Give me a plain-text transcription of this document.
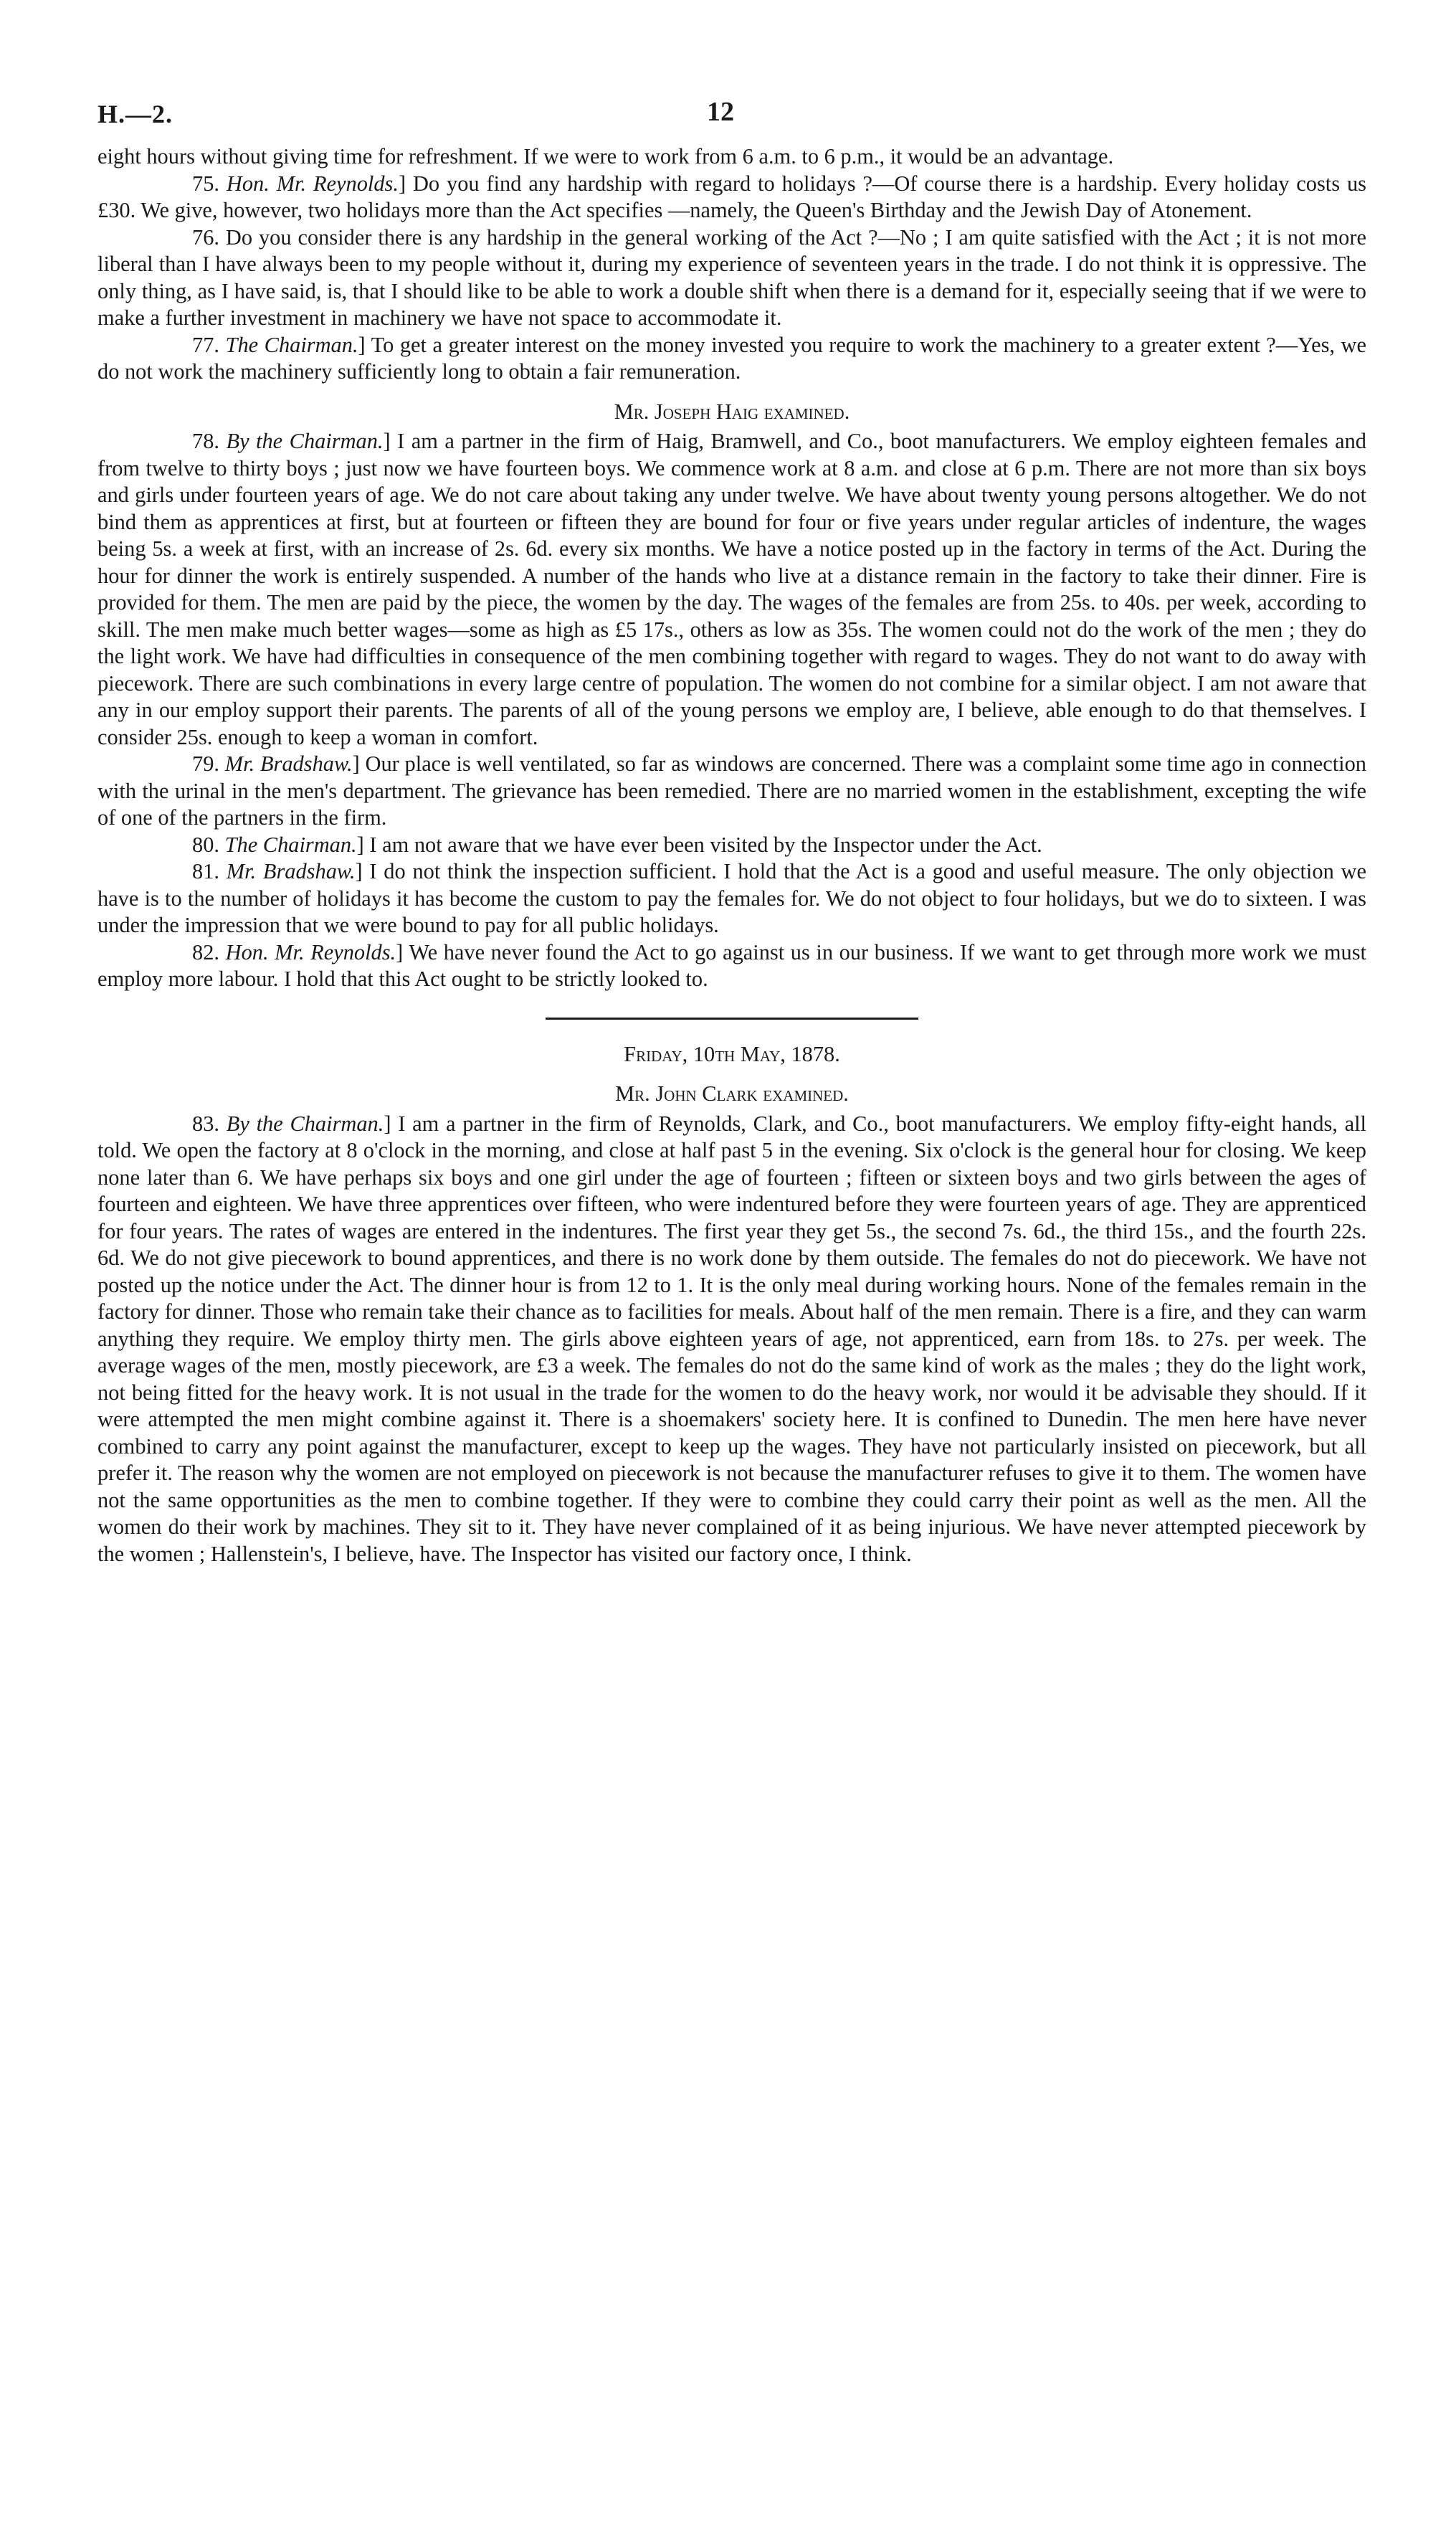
H.—2.	12

eight hours without giving time for refreshment. If we were to work from 6 a.m. to 6 p.m., it would be an advantage.

75. Hon. Mr. Reynolds.] Do you find any hardship with regard to holidays ?—Of course there is a hardship. Every holiday costs us £30. We give, however, two holidays more than the Act specifies —namely, the Queen's Birthday and the Jewish Day of Atonement.

76. Do you consider there is any hardship in the general working of the Act ?—No ; I am quite satisfied with the Act ; it is not more liberal than I have always been to my people without it, during my experience of seventeen years in the trade. I do not think it is oppressive. The only thing, as I have said, is, that I should like to be able to work a double shift when there is a demand for it, especially seeing that if we were to make a further investment in machinery we have not space to accommodate it.

77. The Chairman.] To get a greater interest on the money invested you require to work the machinery to a greater extent ?—Yes, we do not work the machinery sufficiently long to obtain a fair remuneration.

Mr. Joseph Haig examined.

78. By the Chairman.] I am a partner in the firm of Haig, Bramwell, and Co., boot manufacturers. We employ eighteen females and from twelve to thirty boys ; just now we have fourteen boys. We commence work at 8 a.m. and close at 6 p.m. There are not more than six boys and girls under fourteen years of age. We do not care about taking any under twelve. We have about twenty young persons altogether. We do not bind them as apprentices at first, but at fourteen or fifteen they are bound for four or five years under regular articles of indenture, the wages being 5s. a week at first, with an increase of 2s. 6d. every six months. We have a notice posted up in the factory in terms of the Act. During the hour for dinner the work is entirely suspended. A number of the hands who live at a distance remain in the factory to take their dinner. Fire is provided for them. The men are paid by the piece, the women by the day. The wages of the females are from 25s. to 40s. per week, according to skill. The men make much better wages—some as high as £5 17s., others as low as 35s. The women could not do the work of the men ; they do the light work. We have had difficulties in consequence of the men combining together with regard to wages. They do not want to do away with piecework. There are such combinations in every large centre of population. The women do not combine for a similar object. I am not aware that any in our employ support their parents. The parents of all of the young persons we employ are, I believe, able enough to do that themselves. I consider 25s. enough to keep a woman in comfort.

79. Mr. Bradshaw.] Our place is well ventilated, so far as windows are concerned. There was a complaint some time ago in connection with the urinal in the men's department. The grievance has been remedied. There are no married women in the establishment, excepting the wife of one of the partners in the firm.

80. The Chairman.] I am not aware that we have ever been visited by the Inspector under the Act.

81. Mr. Bradshaw.] I do not think the inspection sufficient. I hold that the Act is a good and useful measure. The only objection we have is to the number of holidays it has become the custom to pay the females for. We do not object to four holidays, but we do to sixteen. I was under the impression that we were bound to pay for all public holidays.

82. Hon. Mr. Reynolds.] We have never found the Act to go against us in our business. If we want to get through more work we must employ more labour. I hold that this Act ought to be strictly looked to.

Friday, 10th May, 1878.
Mr. John Clark examined.

83. By the Chairman.] I am a partner in the firm of Reynolds, Clark, and Co., boot manufacturers. We employ fifty-eight hands, all told. We open the factory at 8 o'clock in the morning, and close at half past 5 in the evening. Six o'clock is the general hour for closing. We keep none later than 6. We have perhaps six boys and one girl under the age of fourteen ; fifteen or sixteen boys and two girls between the ages of fourteen and eighteen. We have three apprentices over fifteen, who were indentured before they were fourteen years of age. They are apprenticed for four years. The rates of wages are entered in the indentures. The first year they get 5s., the second 7s. 6d., the third 15s., and the fourth 22s. 6d. We do not give piecework to bound apprentices, and there is no work done by them outside. The females do not do piecework. We have not posted up the notice under the Act. The dinner hour is from 12 to 1. It is the only meal during working hours. None of the females remain in the factory for dinner. Those who remain take their chance as to facilities for meals. About half of the men remain. There is a fire, and they can warm anything they require. We employ thirty men. The girls above eighteen years of age, not apprenticed, earn from 18s. to 27s. per week. The average wages of the men, mostly piecework, are £3 a week. The females do not do the same kind of work as the males ; they do the light work, not being fitted for the heavy work. It is not usual in the trade for the women to do the heavy work, nor would it be advisable they should. If it were attempted the men might combine against it. There is a shoemakers' society here. It is confined to Dunedin. The men here have never combined to carry any point against the manufacturer, except to keep up the wages. They have not particularly insisted on piecework, but all prefer it. The reason why the women are not employed on piecework is not because the manufacturer refuses to give it to them. The women have not the same opportunities as the men to combine together. If they were to combine they could carry their point as well as the men. All the women do their work by machines. They sit to it. They have never complained of it as being injurious. We have never attempted piecework by the women ; Hallenstein's, I believe, have. The Inspector has visited our factory once, I think.
